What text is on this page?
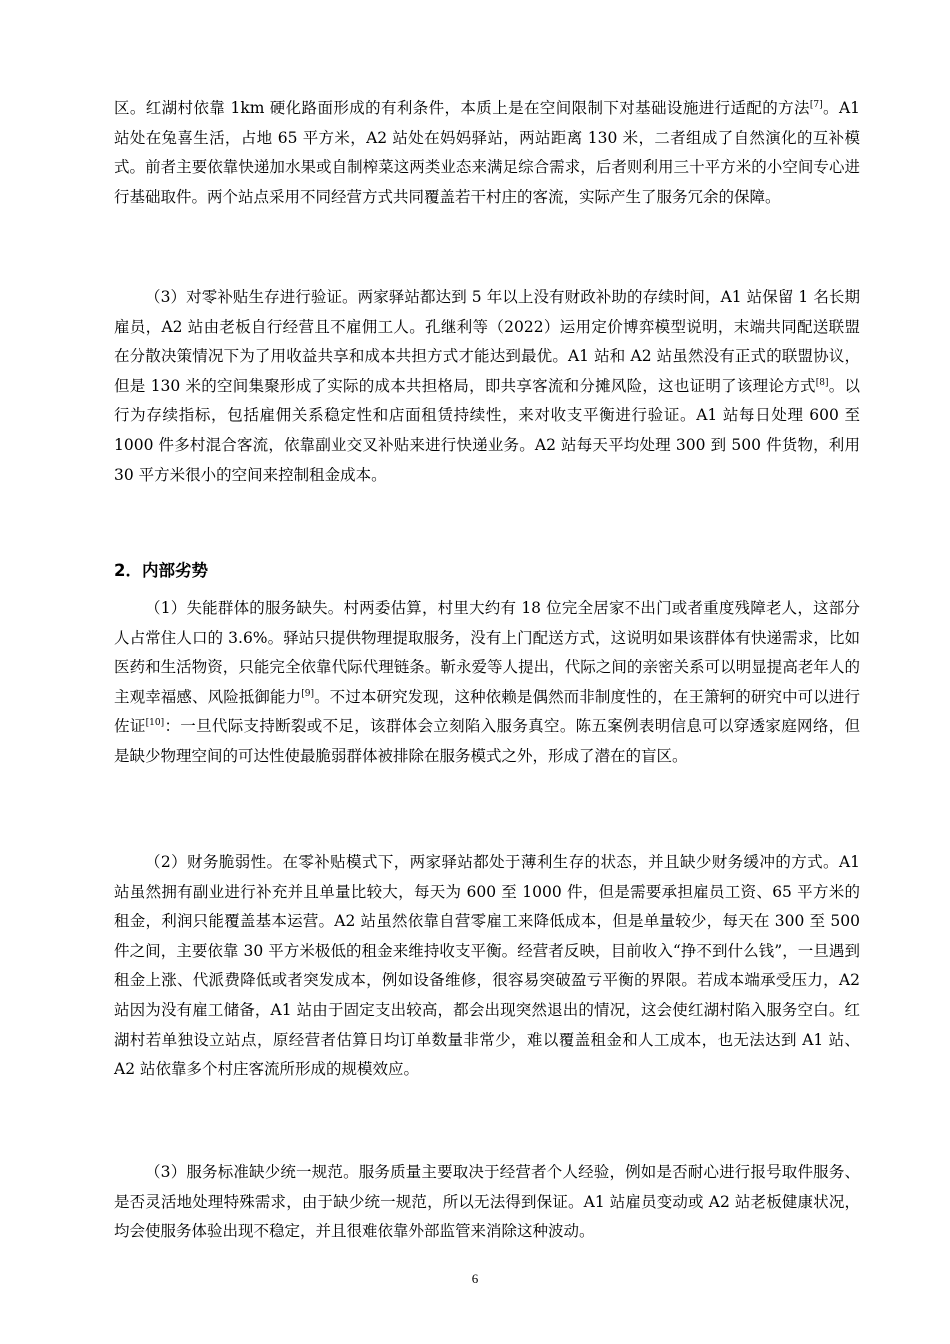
区。红湖村依靠 1km 硬化路面形成的有利条件，本质上是在空间限制下对基础设施进行适配的方法[7]。A1 站处在兔喜生活，占地 65 平方米，A2 站处在妈妈驿站，两站距离 130 米，二者组成了自然演化的互补模式。前者主要依靠快递加水果或自制榨菜这两类业态来满足综合需求，后者则利用三十平方米的小空间专心进行基础取件。两个站点采用不同经营方式共同覆盖若干村庄的客流，实际产生了服务冗余的保障。

（3）对零补贴生存进行验证。两家驿站都达到 5 年以上没有财政补助的存续时间，A1 站保留 1 名长期雇员，A2 站由老板自行经营且不雇佣工人。孔继利等（2022）运用定价博弈模型说明，末端共同配送联盟在分散决策情况下为了用收益共享和成本共担方式才能达到最优。A1 站和 A2 站虽然没有正式的联盟协议，但是 130 米的空间集聚形成了实际的成本共担格局，即共享客流和分摊风险，这也证明了该理论方式[8]。以行为存续指标，包括雇佣关系稳定性和店面租赁持续性，来对收支平衡进行验证。A1 站每日处理 600 至 1000 件多村混合客流，依靠副业交叉补贴来进行快递业务。A2 站每天平均处理 300 到 500 件货物，利用 30 平方米很小的空间来控制租金成本。

2．内部劣势

（1）失能群体的服务缺失。村两委估算，村里大约有 18 位完全居家不出门或者重度残障老人，这部分人占常住人口的 3.6%。驿站只提供物理提取服务，没有上门配送方式，这说明如果该群体有快递需求，比如医药和生活物资，只能完全依靠代际代理链条。靳永爱等人提出，代际之间的亲密关系可以明显提高老年人的主观幸福感、风险抵御能力[9]。不过本研究发现，这种依赖是偶然而非制度性的，在王箫轲的研究中可以进行佐证[10]：一旦代际支持断裂或不足，该群体会立刻陷入服务真空。陈五案例表明信息可以穿透家庭网络，但是缺少物理空间的可达性使最脆弱群体被排除在服务模式之外，形成了潜在的盲区。

（2）财务脆弱性。在零补贴模式下，两家驿站都处于薄利生存的状态，并且缺少财务缓冲的方式。A1 站虽然拥有副业进行补充并且单量比较大，每天为 600 至 1000 件，但是需要承担雇员工资、65 平方米的租金，利润只能覆盖基本运营。A2 站虽然依靠自营零雇工来降低成本，但是单量较少，每天在 300 至 500 件之间，主要依靠 30 平方米极低的租金来维持收支平衡。经营者反映，目前收入“挣不到什么钱”，一旦遇到租金上涨、代派费降低或者突发成本，例如设备维修，很容易突破盈亏平衡的界限。若成本端承受压力，A2 站因为没有雇工储备，A1 站由于固定支出较高，都会出现突然退出的情况，这会使红湖村陷入服务空白。红湖村若单独设立站点，原经营者估算日均订单数量非常少，难以覆盖租金和人工成本，也无法达到 A1 站、A2 站依靠多个村庄客流所形成的规模效应。

（3）服务标准缺少统一规范。服务质量主要取决于经营者个人经验，例如是否耐心进行报号取件服务、是否灵活地处理特殊需求，由于缺少统一规范，所以无法得到保证。A1 站雇员变动或 A2 站老板健康状况，均会使服务体验出现不稳定，并且很难依靠外部监管来消除这种波动。

6
